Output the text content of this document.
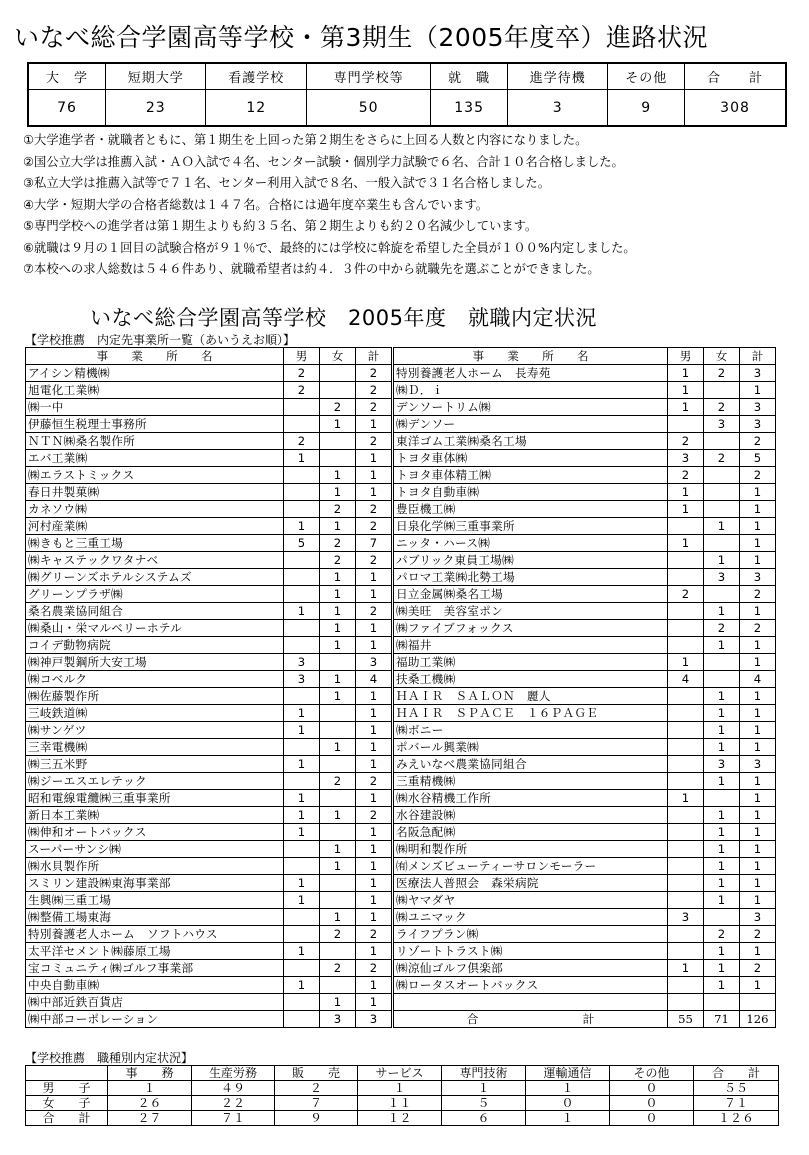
いなべ総合学園高等学校・第3期生（2005年度卒）進路状況
大　学	短期大学	看護学校	専門学校等	就　職	進学待機	その他	合　　計
76	23	12	50	135	3	9	308
①大学進学者・就職者ともに、第１期生を上回った第２期生をさらに上回る人数と内容になりました。
②国公立大学は推薦入試・ＡＯ入試で４名、センター試験・個別学力試験で６名、合計１０名合格しました。
③私立大学は推薦入試等で７１名、センター利用入試で８名、一般入試で３１名合格しました。
④大学・短期大学の合格者総数は１４７名。合格には過年度卒業生も含んでいます。
⑤専門学校への進学者は第１期生よりも約３５名、第２期生よりも約２０名減少しています。
⑥就職は９月の１回目の試験合格が９１％で、最終的には学校に斡旋を希望した全員が１００%内定しました。
⑦本校への求人総数は５４６件あり、就職希望者は約４．３件の中から就職先を選ぶことができました。
いなべ総合学園高等学校　2005年度　就職内定状況
【学校推薦　内定先事業所一覧（あいうえお順）】
事　　業　　所　　名	男	女	計	事　　業　　所　　名	男	女	計
アイシン精機㈱	2		2	特別養護老人ホーム　長寿苑	1	2	3
旭電化工業㈱	2		2	㈱Ｄ．ｉ	1		1
㈱一中		2	2	デンソートリム㈱	1	2	3
伊藤恒生税理士事務所		1	1	㈱デンソー		3	3
ＮＴＮ㈱桑名製作所	2		2	東洋ゴム工業㈱桑名工場	2		2
エバ工業㈱	1		1	トヨタ車体㈱	3	2	5
㈱エラストミックス		1	1	トヨタ車体精工㈱	2		2
春日井製菓㈱		1	1	トヨタ自動車㈱	1		1
カネソウ㈱		2	2	豊臣機工㈱	1		1
河村産業㈱	1	1	2	日泉化学㈱三重事業所		1	1
㈱きもと三重工場	5	2	7	ニッタ・ハース㈱	1		1
㈱キャステックワタナベ		2	2	パブリック東員工場㈱		1	1
㈱グリーンズホテルシステムズ		1	1	パロマ工業㈱北勢工場		3	3
グリーンプラザ㈱		1	1	日立金属㈱桑名工場	2		2
桑名農業協同組合	1	1	2	㈱美旺　美容室ポン		1	1
㈱桑山・栄マルベリーホテル		1	1	㈱ファイブフォックス		2	2
コイデ動物病院		1	1	㈱福井		1	1
㈱神戸製鋼所大安工場	3		3	福助工業㈱	1		1
㈱コベルク	3	1	4	扶桑工機㈱	4		4
㈱佐藤製作所		1	1	ＨＡＩＲ　ＳＡＬＯＮ　麗人		1	1
三岐鉄道㈱	1		1	ＨＡＩＲ　ＳＰＡＣＥ　１６ＰＡＧＥ		1	1
㈱サンゲツ	1		1	㈱ボニー		1	1
三幸電機㈱		1	1	ポバール興業㈱		1	1
㈱三五米野	1		1	みえいなべ農業協同組合		3	3
㈱ジーエスエレテック		2	2	三重精機㈱		1	1
昭和電線電纜㈱三重事業所	1		1	㈱水谷精機工作所	1		1
新日本工業㈱	1	1	2	水谷建設㈱		1	1
㈱伸和オートバックス	1		1	名阪急配㈱		1	1
スーパーサンシ㈱		1	1	㈱明和製作所		1	1
㈱水貝製作所		1	1	㈲メンズビューティーサロンモーラー		1	1
スミリン建設㈱東海事業部	1		1	医療法人普照会　森栄病院		1	1
生興㈱三重工場	1		1	㈱ヤマダヤ		1	1
㈱整備工場東海		1	1	㈱ユニマック	3		3
特別養護老人ホーム　ソフトハウス		2	2	ライフプラン㈱		2	2
太平洋セメント㈱藤原工場	1		1	リゾートトラスト㈱		1	1
宝コミュニティ㈱ゴルフ事業部		2	2	㈱涼仙ゴルフ倶楽部	1	1	2
中央自動車㈱	1		1	㈱ロータスオートバックス		1	1
㈱中部近鉄百貨店		1	1				
㈱中部コーポレーション		3	3	合　　　　　　　　　計	55	71	126
【学校推薦　職種別内定状況】
	事　　務	生産労務	販　　売	サービス	専門技術	運輸通信	その他	合　　計
男　　子	１	４９	２	１	１	１	０	５５
女　　子	２６	２２	７	１１	５	０	０	７１
合　　計	２７	７１	９	１２	６	１	０	１２６
